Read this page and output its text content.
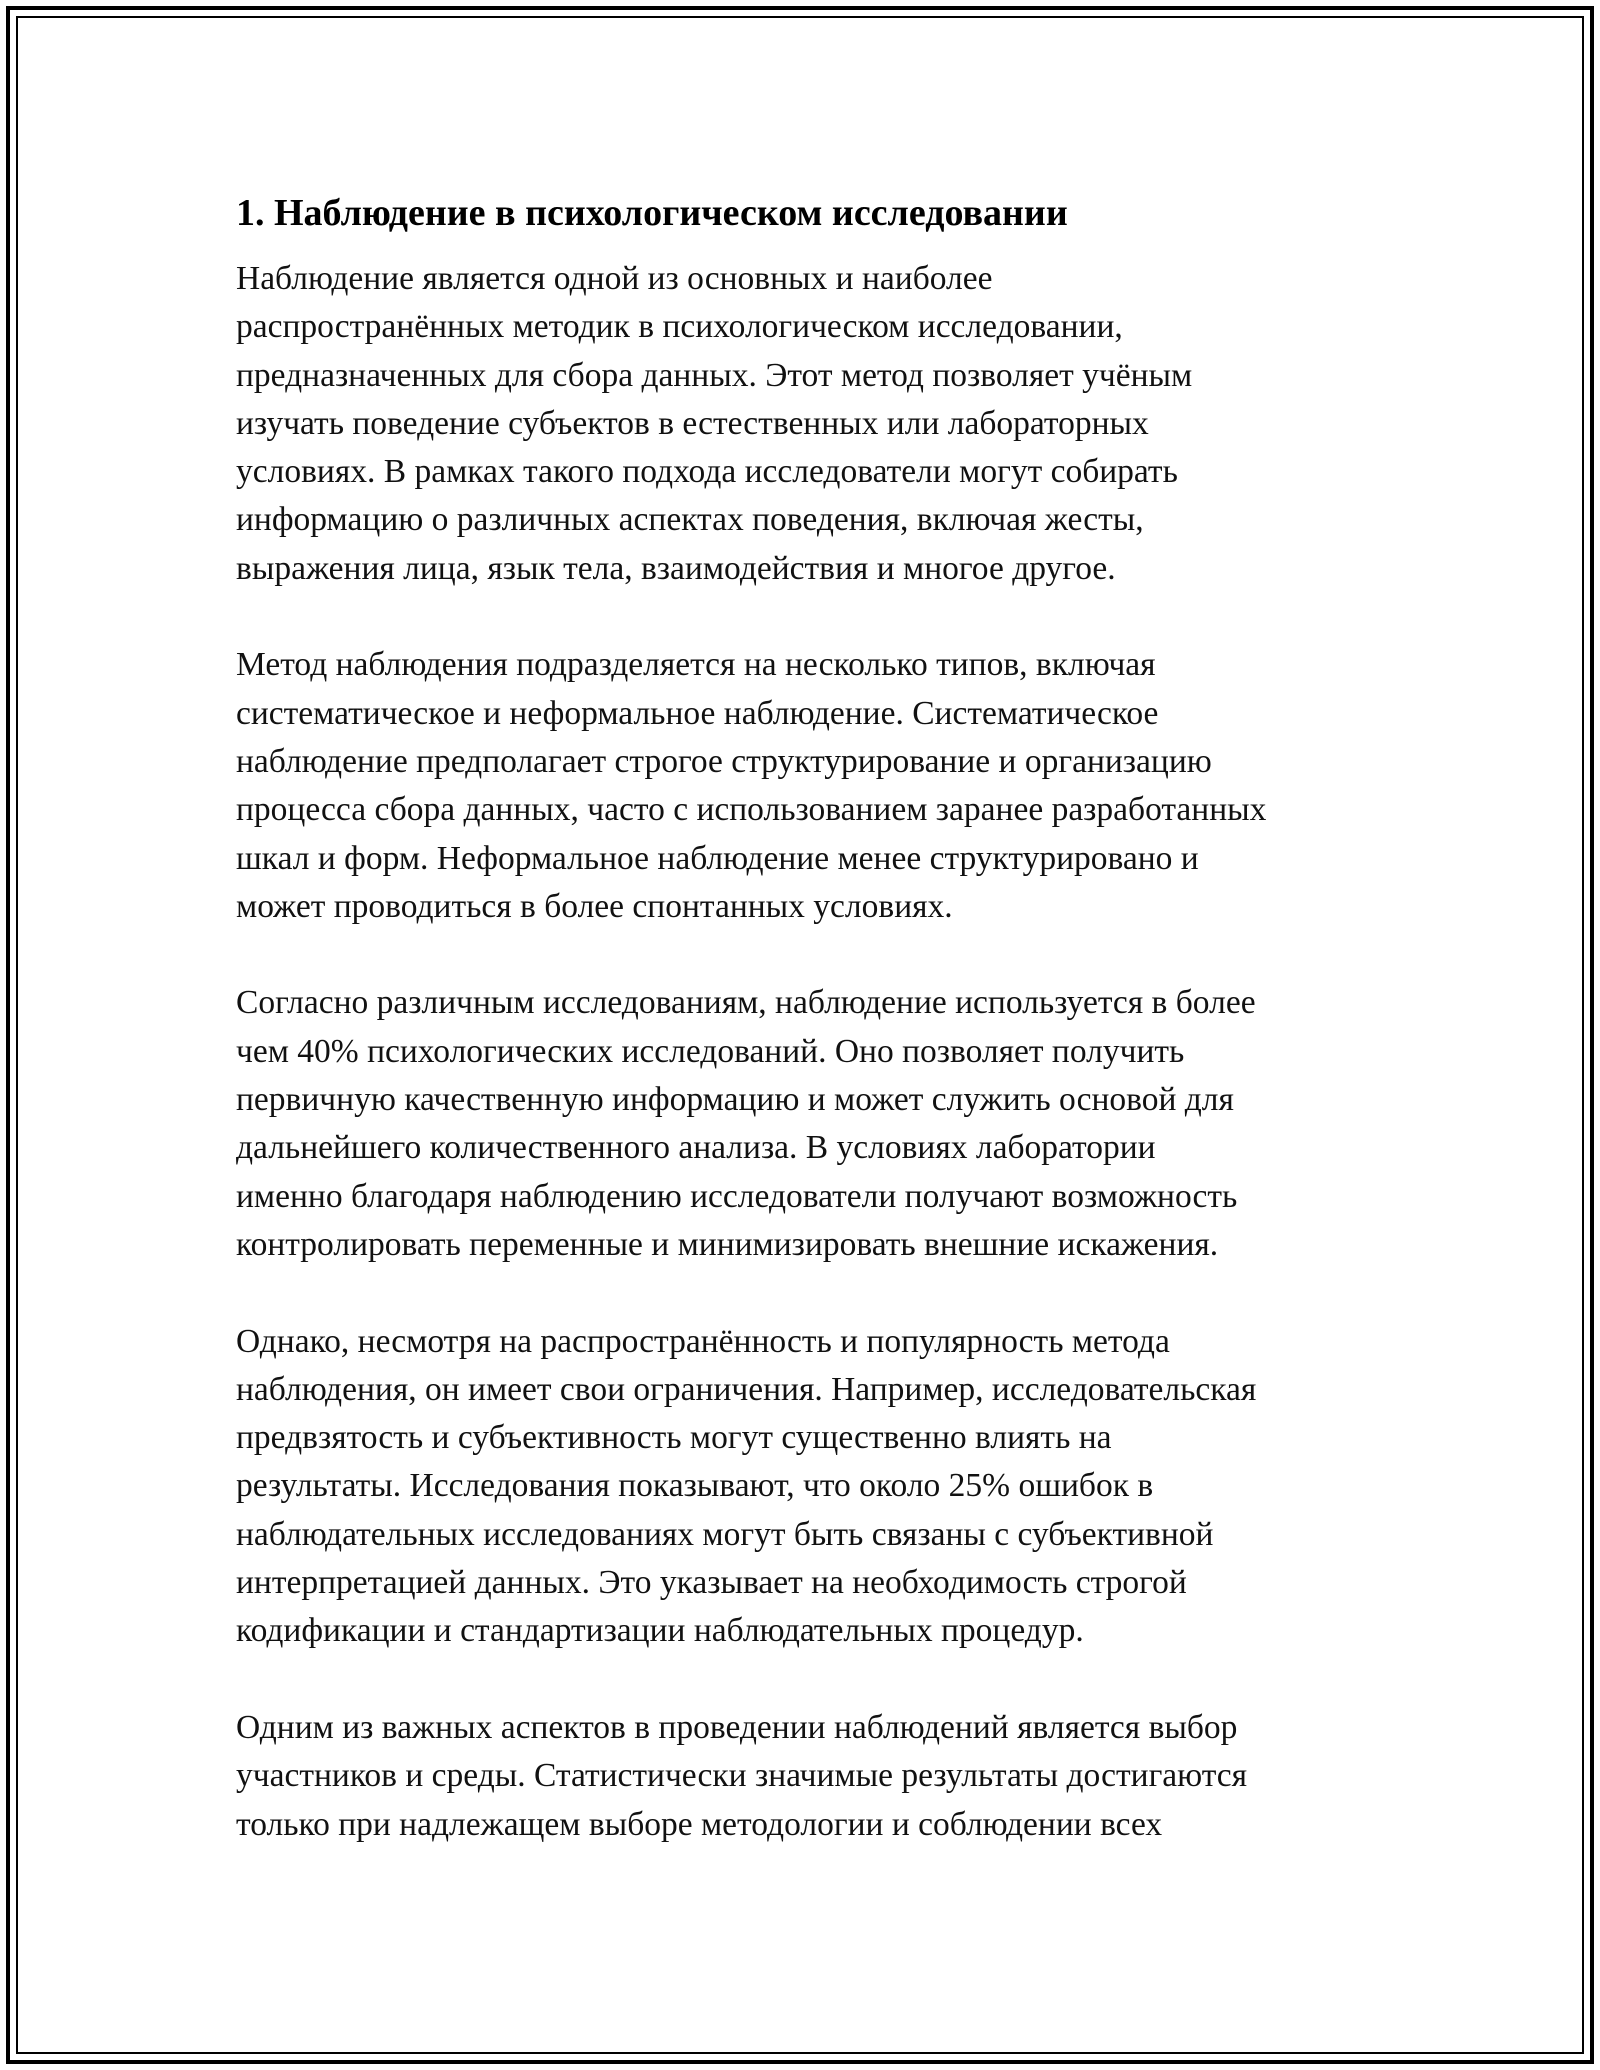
1. Наблюдение в психологическом исследовании

Наблюдение является одной из основных и наиболее
распространённых методик в психологическом исследовании,
предназначенных для сбора данных. Этот метод позволяет учёным
изучать поведение субъектов в естественных или лабораторных
условиях. В рамках такого подхода исследователи могут собирать
информацию о различных аспектах поведения, включая жесты,
выражения лица, язык тела, взаимодействия и многое другое.

Метод наблюдения подразделяется на несколько типов, включая
систематическое и неформальное наблюдение. Систематическое
наблюдение предполагает строгое структурирование и организацию
процесса сбора данных, часто с использованием заранее разработанных
шкал и форм. Неформальное наблюдение менее структурировано и
может проводиться в более спонтанных условиях.

Согласно различным исследованиям, наблюдение используется в более
чем 40% психологических исследований. Оно позволяет получить
первичную качественную информацию и может служить основой для
дальнейшего количественного анализа. В условиях лаборатории
именно благодаря наблюдению исследователи получают возможность
контролировать переменные и минимизировать внешние искажения.

Однако, несмотря на распространённость и популярность метода
наблюдения, он имеет свои ограничения. Например, исследовательская
предвзятость и субъективность могут существенно влиять на
результаты. Исследования показывают, что около 25% ошибок в
наблюдательных исследованиях могут быть связаны с субъективной
интерпретацией данных. Это указывает на необходимость строгой
кодификации и стандартизации наблюдательных процедур.

Одним из важных аспектов в проведении наблюдений является выбор
участников и среды. Статистически значимые результаты достигаются
только при надлежащем выборе методологии и соблюдении всех
